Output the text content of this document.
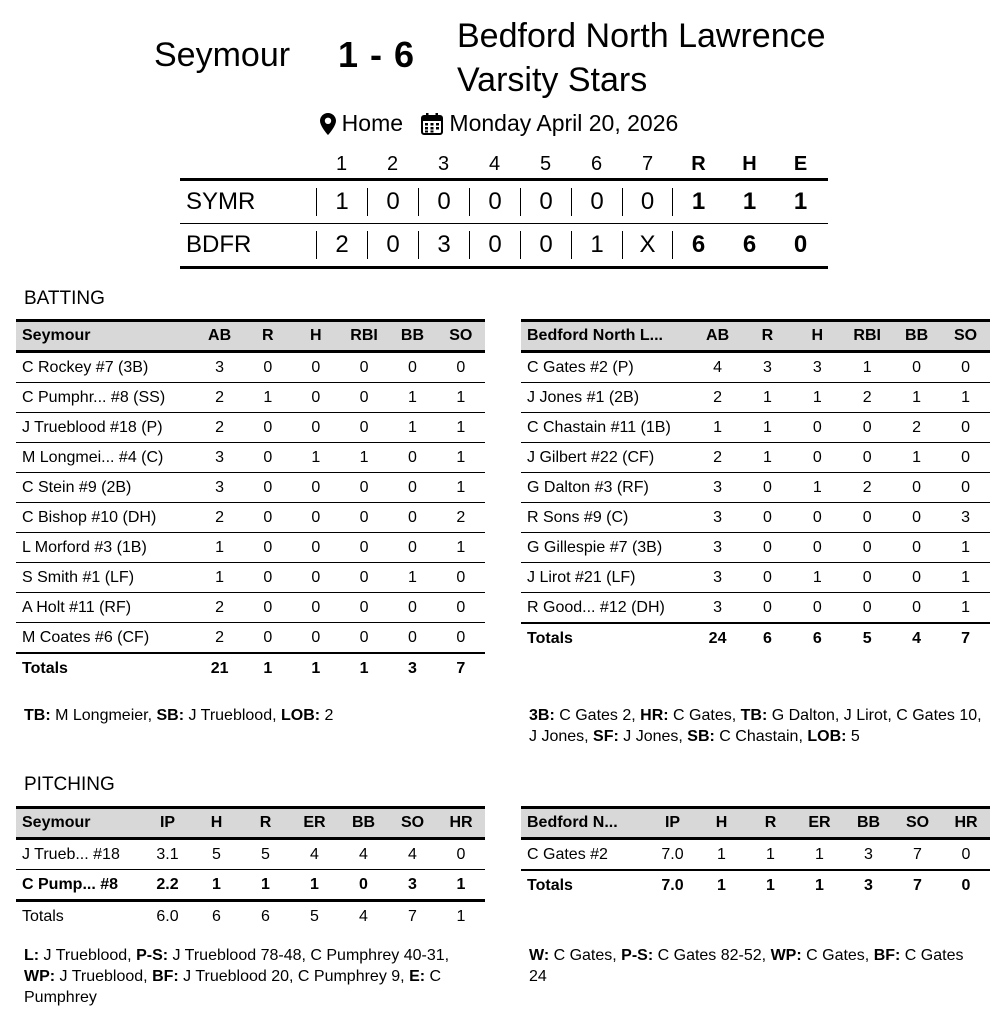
Seymour 1 - 6 Bedford North Lawrence
Varsity Stars
Home
Monday April 20, 2026
1	2	3	4	5	6	7	R	H	E
SYMR	1	0	0	0	0	0	0	1	1	1
BDFR	2	0	3	0	0	1	X	6	6	0
BATTING
Seymour	AB	R	H	RBI	BB	SO
C Rockey #7 (3B)	3	0	0	0	0	0
C Pumphr... #8 (SS)	2	1	0	0	1	1
J Trueblood #18 (P)	2	0	0	0	1	1
M Longmei... #4 (C)	3	0	1	1	0	1
C Stein #9 (2B)	3	0	0	0	0	1
C Bishop #10 (DH)	2	0	0	0	0	2
L Morford #3 (1B)	1	0	0	0	0	1
S Smith #1 (LF)	1	0	0	0	1	0
A Holt #11 (RF)	2	0	0	0	0	0
M Coates #6 (CF)	2	0	0	0	0	0
Totals	21	1	1	1	3	7
Bedford North L...	AB	R	H	RBI	BB	SO
C Gates #2 (P)	4	3	3	1	0	0
J Jones #1 (2B)	2	1	1	2	1	1
C Chastain #11 (1B)	1	1	0	0	2	0
J Gilbert #22 (CF)	2	1	0	0	1	0
G Dalton #3 (RF)	3	0	1	2	0	0
R Sons #9 (C)	3	0	0	0	0	3
G Gillespie #7 (3B)	3	0	0	0	0	1
J Lirot #21 (LF)	3	0	1	0	0	1
R Good... #12 (DH)	3	0	0	0	0	1
Totals	24	6	6	5	4	7
TB: M Longmeier, SB: J Trueblood, LOB: 2	3B: C Gates 2, HR: C Gates, TB: G Dalton, J Lirot, C Gates 10, J Jones, SF: J Jones, SB: C Chastain, LOB: 5
PITCHING
Seymour	IP	H	R	ER	BB	SO	HR
J Trueb... #18	3.1	5	5	4	4	4	0
C Pump... #8	2.2	1	1	1	0	3	1
Totals	6.0	6	6	5	4	7	1
Bedford N...	IP	H	R	ER	BB	SO	HR
C Gates #2	7.0	1	1	1	3	7	0
Totals	7.0	1	1	1	3	7	0
L: J Trueblood, P-S: J Trueblood 78-48, C Pumphrey 40-31, WP: J Trueblood, BF: J Trueblood 20, C Pumphrey 9, E: C Pumphrey
W: C Gates, P-S: C Gates 82-52, WP: C Gates, BF: C Gates 24
